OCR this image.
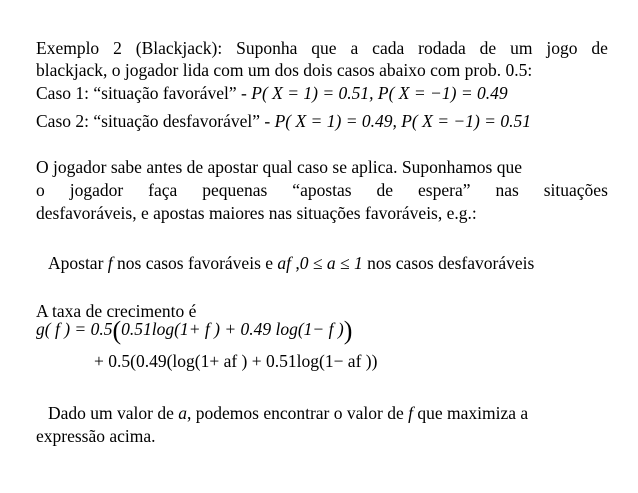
Exemplo 2 (Blackjack): Suponha que a cada rodada de um jogo de
blackjack, o jogador lida com um dos dois casos abaixo com prob. 0.5:
Caso 1: “situação favorável” - P( X = 1) = 0.51, P( X = −1) = 0.49
Caso 2: “situação desfavorável” - P( X = 1) = 0.49, P( X = −1) = 0.51
O jogador sabe antes de apostar qual caso se aplica. Suponhamos que
o jogador faça pequenas “apostas de espera” nas situações
desfavoráveis, e apostas maiores nas situações favoráveis, e.g.:
Apostar f nos casos favoráveis e af ,0 ≤ a ≤ 1 nos casos desfavoráveis
A taxa de crecimento é
g( f ) = 0.5(0.51log(1+ f ) + 0.49 log(1− f ))
+ 0.5(0.49(log(1+ af ) + 0.51log(1− af ))
Dado um valor de a, podemos encontrar o valor de f que maximiza a
expressão acima.
